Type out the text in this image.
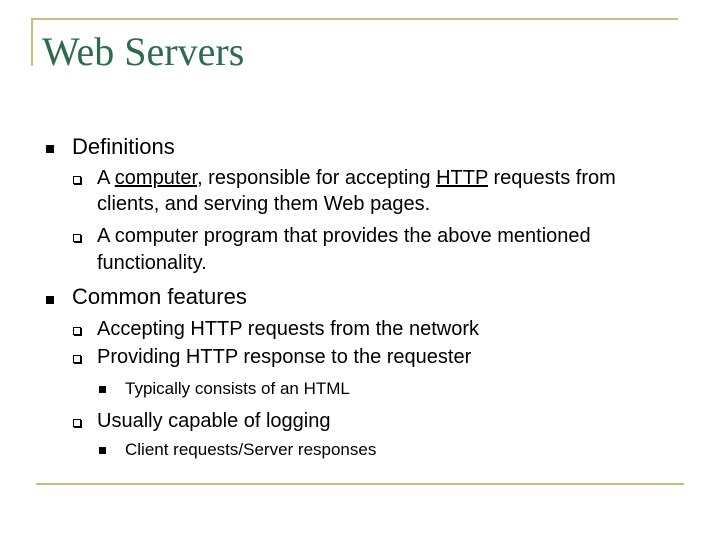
Web Servers
Definitions
A computer, responsible for accepting HTTP requests from
clients, and serving them Web pages.
A computer program that provides the above mentioned
functionality.
Common features
Accepting HTTP requests from the network
Providing HTTP response to the requester
Typically consists of an HTML
Usually capable of logging
Client requests/Server responses
